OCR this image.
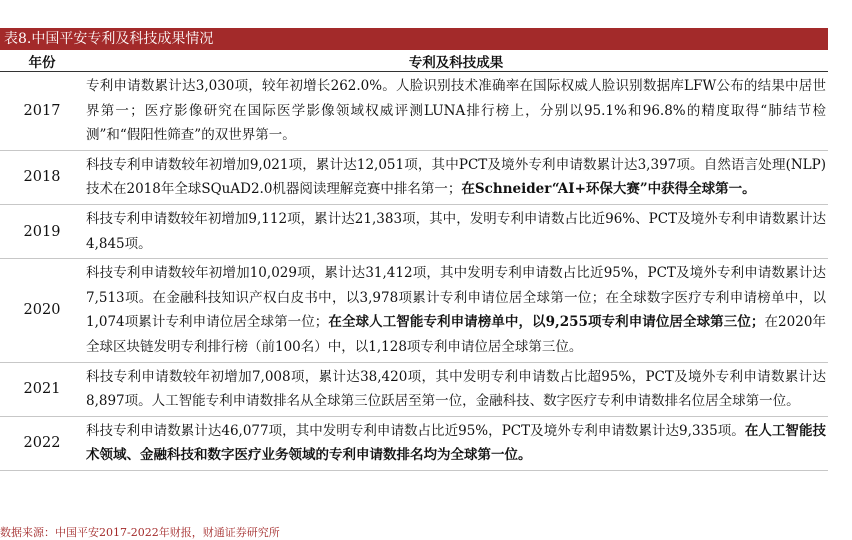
表8.中国平安专利及科技成果情况
年份	专利及科技成果
2017	专利申请数累计达3,030项，较年初增长262.0%。人脸识别技术准确率在国际权威人脸识别数据库LFW公布的结果中居世界第一；医疗影像研究在国际医学影像领域权威评测LUNA排行榜上，分别以95.1%和96.8%的精度取得“肺结节检测”和“假阳性筛查”的双世界第一。
2018	科技专利申请数较年初增加9,021项，累计达12,051项，其中PCT及境外专利申请数累计达3,397项。自然语言处理(NLP)技术在2018年全球SQuAD2.0机器阅读理解竞赛中排名第一；在Schneider“AI+环保大赛”中获得全球第一。
2019	科技专利申请数较年初增加9,112项，累计达21,383项，其中，发明专利申请数占比近96%、PCT及境外专利申请数累计达4,845项。
2020	科技专利申请数较年初增加10,029项，累计达31,412项，其中发明专利申请数占比近95%，PCT及境外专利申请数累计达7,513项。在金融科技知识产权白皮书中，以3,978项累计专利申请位居全球第一位；在全球数字医疗专利申请榜单中，以1,074项累计专利申请位居全球第一位；在全球人工智能专利申请榜单中，以9,255项专利申请位居全球第三位；在2020年全球区块链发明专利排行榜（前100名）中，以1,128项专利申请位居全球第三位。
2021	科技专利申请数较年初增加7,008项，累计达38,420项，其中发明专利申请数占比超95%，PCT及境外专利申请数累计达8,897项。人工智能专利申请数排名从全球第三位跃居至第一位，金融科技、数字医疗专利申请数排名位居全球第一位。
2022	科技专利申请数累计达46,077项，其中发明专利申请数占比近95%，PCT及境外专利申请数累计达9,335项。在人工智能技术领域、金融科技和数字医疗业务领域的专利申请数排名均为全球第一位。
数据来源：中国平安2017-2022年财报，财通证券研究所
